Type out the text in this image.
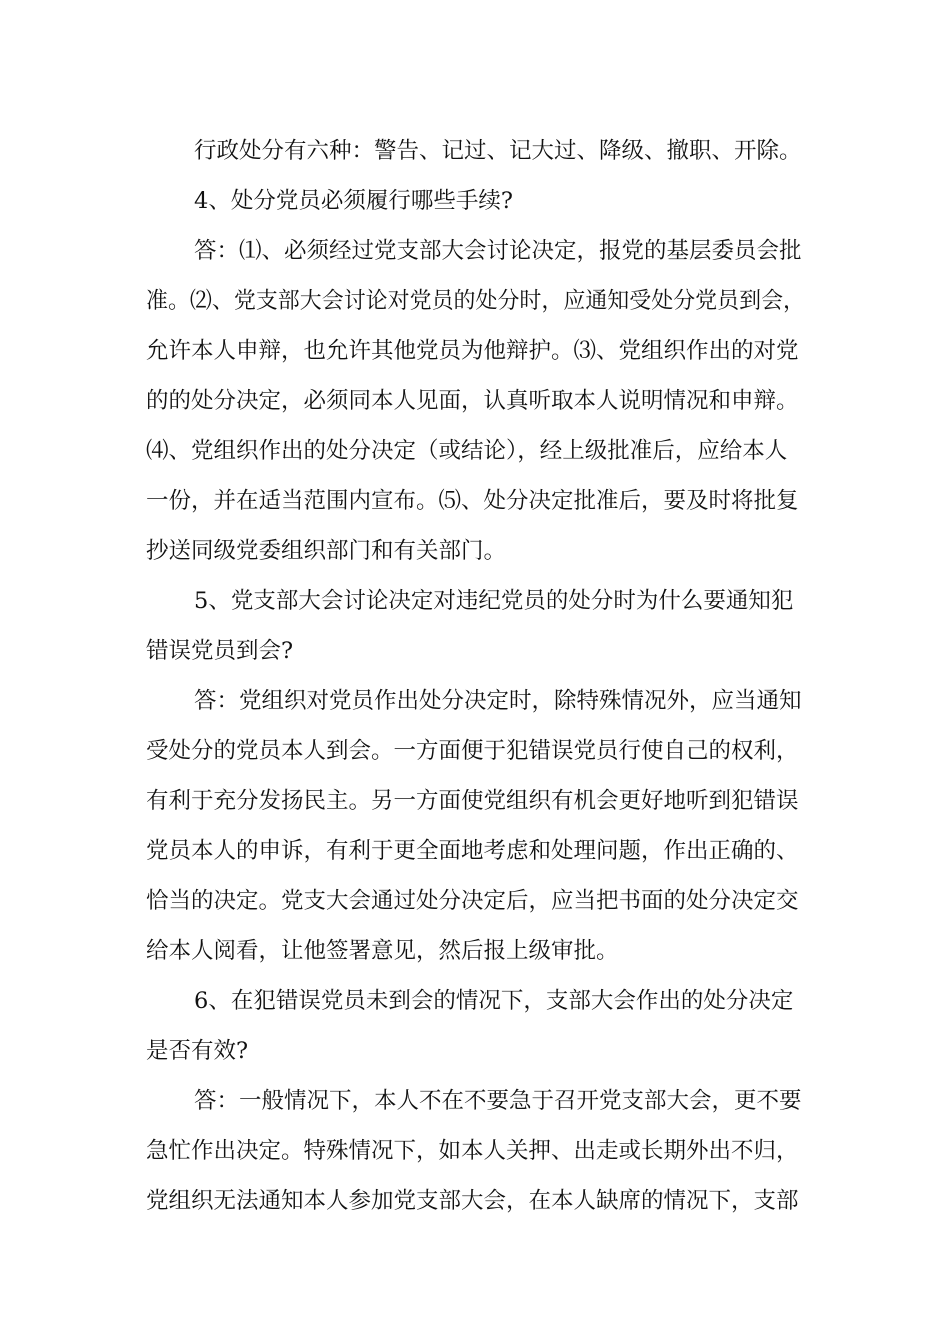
行政处分有六种：警告、记过、记大过、降级、撤职、开除。
4、处分党员必须履行哪些手续?
答：⑴、必须经过党支部大会讨论决定，报党的基层委员会批
准。⑵、党支部大会讨论对党员的处分时，应通知受处分党员到会，
允许本人申辩，也允许其他党员为他辩护。⑶、党组织作出的对党
的的处分决定，必须同本人见面，认真听取本人说明情况和申辩。
⑷、党组织作出的处分决定（或结论），经上级批准后，应给本人
一份，并在适当范围内宣布。⑸、处分决定批准后，要及时将批复
抄送同级党委组织部门和有关部门。
5、党支部大会讨论决定对违纪党员的处分时为什么要通知犯
错误党员到会?
答：党组织对党员作出处分决定时，除特殊情况外，应当通知
受处分的党员本人到会。一方面便于犯错误党员行使自己的权利，
有利于充分发扬民主。另一方面使党组织有机会更好地听到犯错误
党员本人的申诉，有利于更全面地考虑和处理问题，作出正确的、
恰当的决定。党支大会通过处分决定后，应当把书面的处分决定交
给本人阅看，让他签署意见，然后报上级审批。
6、在犯错误党员未到会的情况下，支部大会作出的处分决定
是否有效?
答：一般情况下，本人不在不要急于召开党支部大会，更不要
急忙作出决定。特殊情况下，如本人关押、出走或长期外出不归，
党组织无法通知本人参加党支部大会，在本人缺席的情况下，支部
